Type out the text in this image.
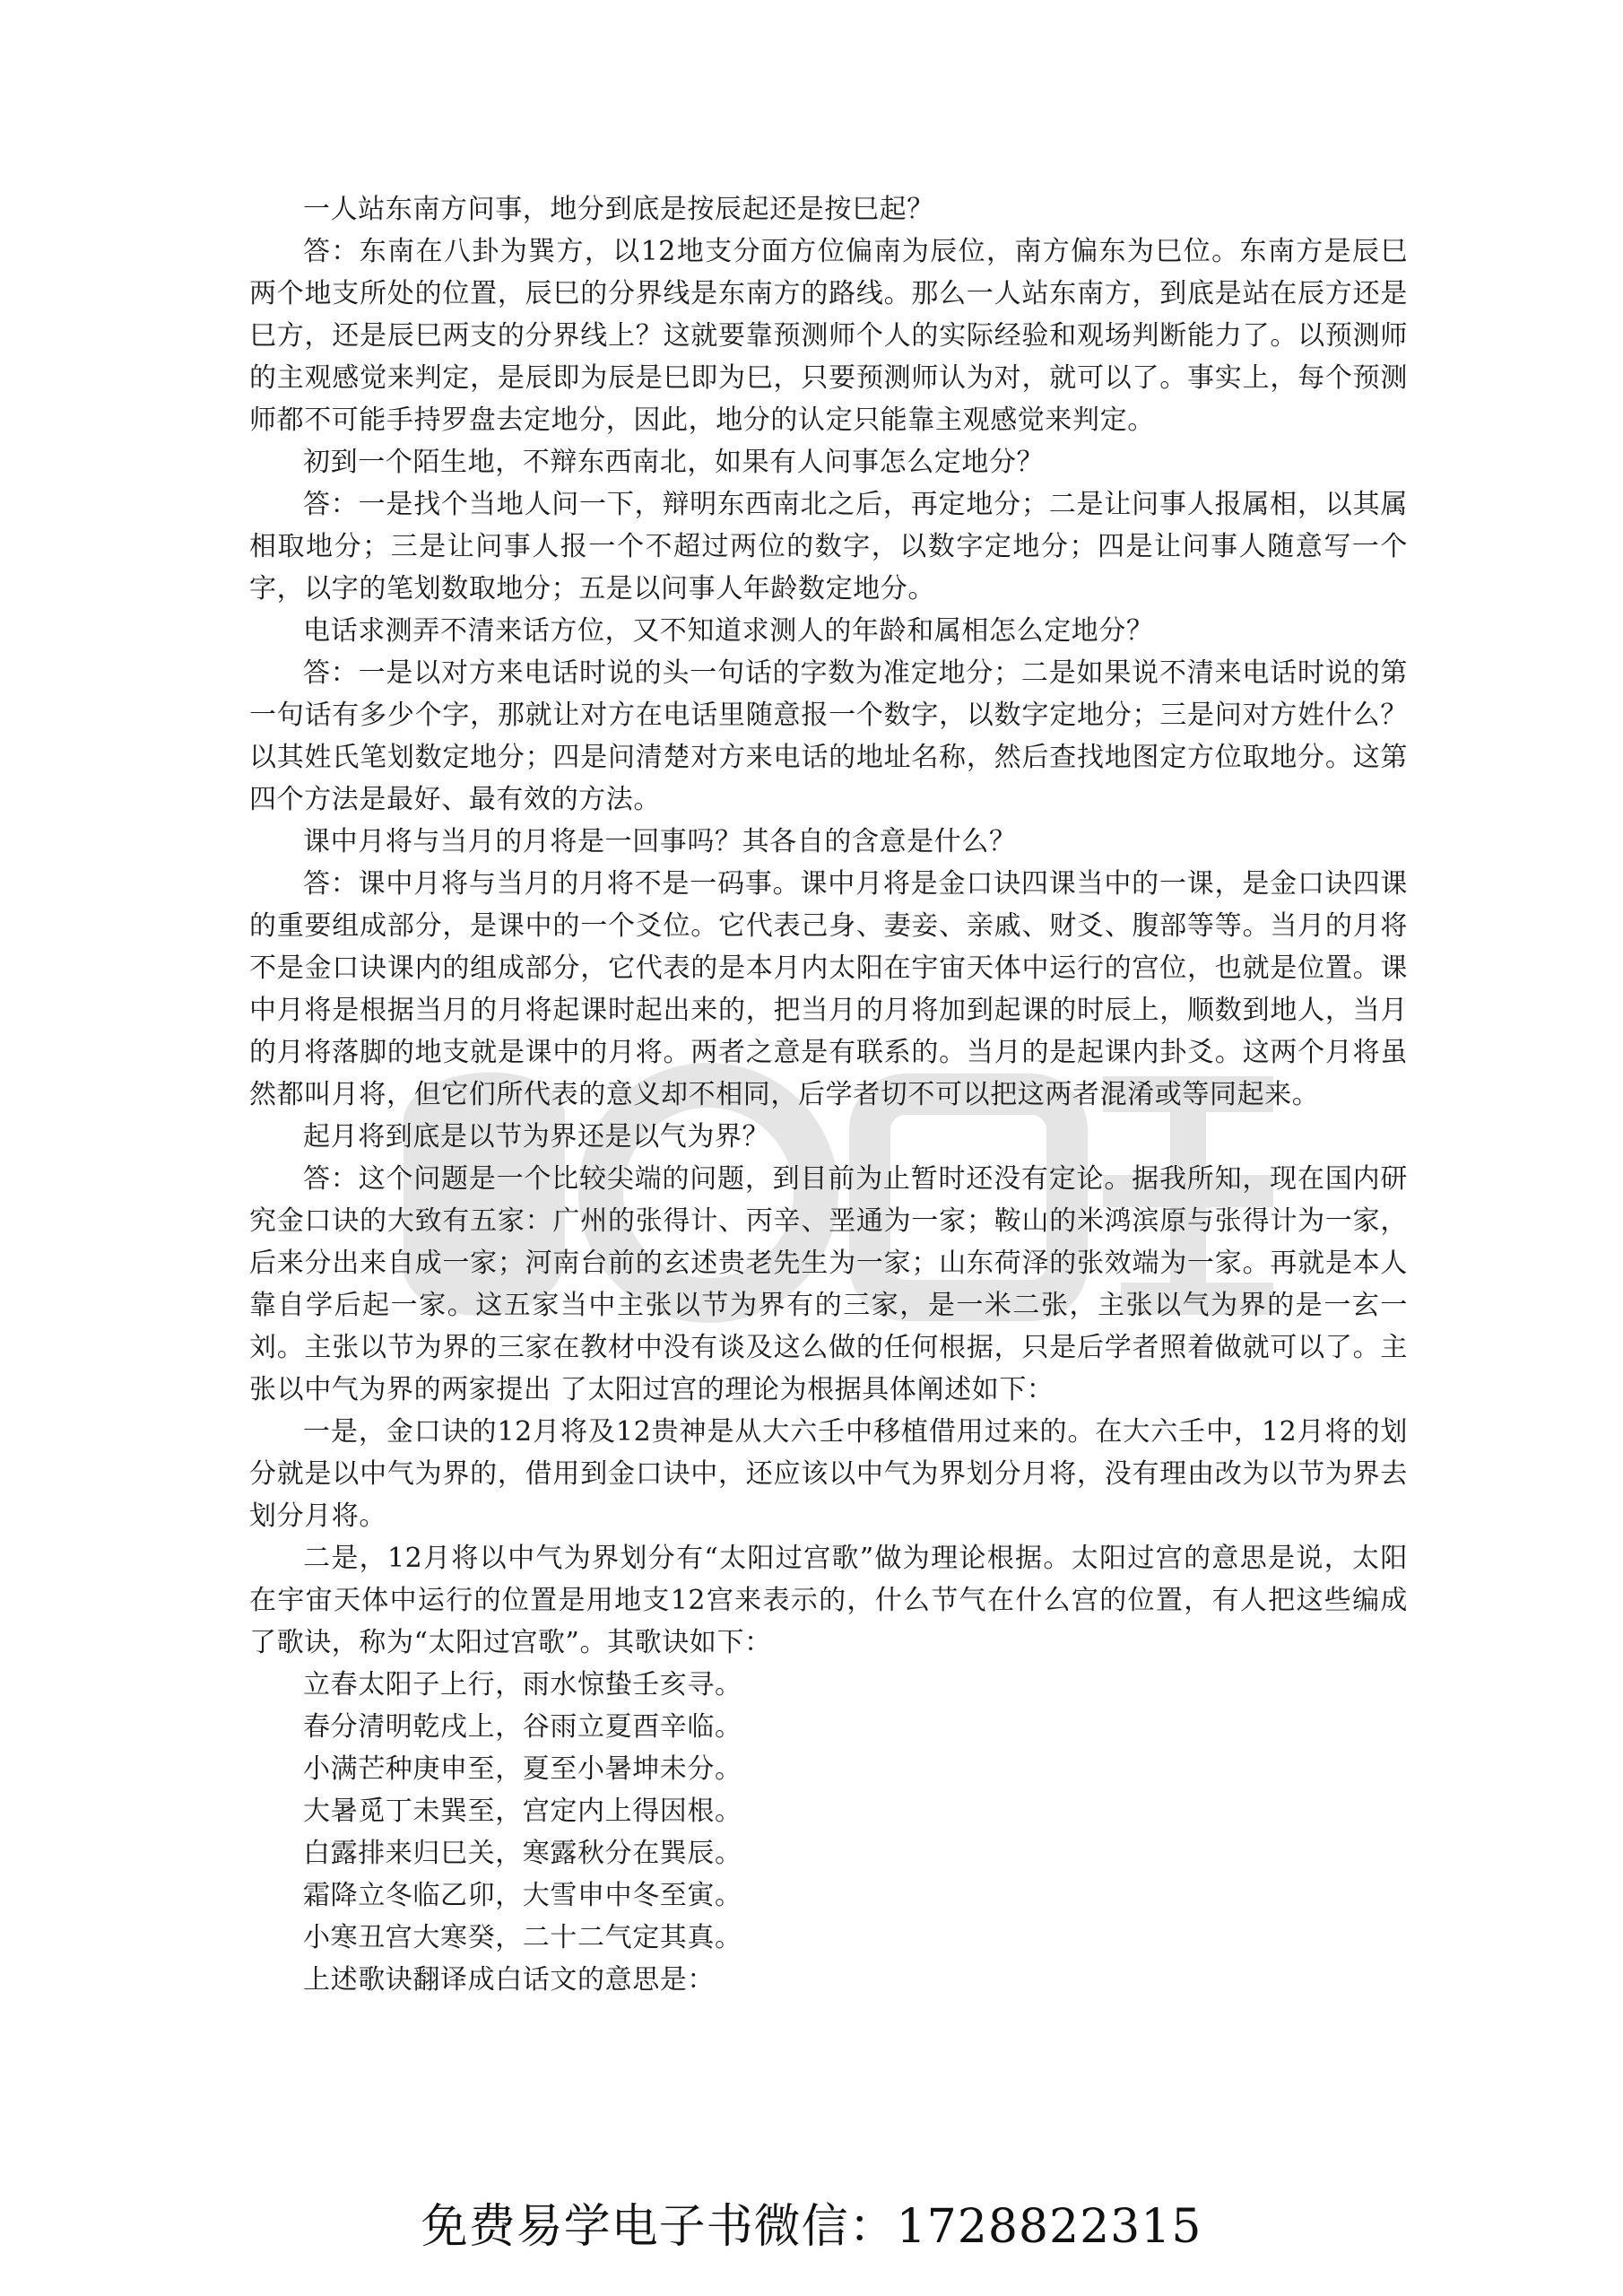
一人站东南方问事，地分到底是按辰起还是按巳起？

答：东南在八卦为巽方，以12地支分面方位偏南为辰位，南方偏东为巳位。东南方是辰巳两个地支所处的位置，辰巳的分界线是东南方的路线。那么一人站东南方，到底是站在辰方还是巳方，还是辰巳两支的分界线上？这就要靠预测师个人的实际经验和观场判断能力了。以预测师的主观感觉来判定，是辰即为辰是巳即为巳，只要预测师认为对，就可以了。事实上，每个预测师都不可能手持罗盘去定地分，因此，地分的认定只能靠主观感觉来判定。

初到一个陌生地，不辩东西南北，如果有人问事怎么定地分？

答：一是找个当地人问一下，辩明东西南北之后，再定地分；二是让问事人报属相，以其属相取地分；三是让问事人报一个不超过两位的数字，以数字定地分；四是让问事人随意写一个字，以字的笔划数取地分；五是以问事人年龄数定地分。

电话求测弄不清来话方位，又不知道求测人的年龄和属相怎么定地分？

答：一是以对方来电话时说的头一句话的字数为准定地分；二是如果说不清来电话时说的第一句话有多少个字，那就让对方在电话里随意报一个数字，以数字定地分；三是问对方姓什么？以其姓氏笔划数定地分；四是问清楚对方来电话的地址名称，然后查找地图定方位取地分。这第四个方法是最好、最有效的方法。

课中月将与当月的月将是一回事吗？其各自的含意是什么？

答：课中月将与当月的月将不是一码事。课中月将是金口诀四课当中的一课，是金口诀四课的重要组成部分，是课中的一个爻位。它代表己身、妻妾、亲戚、财爻、腹部等等。当月的月将不是金口诀课内的组成部分，它代表的是本月内太阳在宇宙天体中运行的宫位，也就是位置。课中月将是根据当月的月将起课时起出来的，把当月的月将加到起课的时辰上，顺数到地人，当月的月将落脚的地支就是课中的月将。两者之意是有联系的。当月的是起课内卦爻。这两个月将虽然都叫月将，但它们所代表的意义却不相同，后学者切不可以把这两者混淆或等同起来。

起月将到底是以节为界还是以气为界？

答：这个问题是一个比较尖端的问题，到目前为止暂时还没有定论。据我所知，现在国内研究金口诀的大致有五家：广州的张得计、丙辛、垩通为一家；鞍山的米鸿滨原与张得计为一家，后来分出来自成一家；河南台前的玄述贵老先生为一家；山东荷泽的张效端为一家。再就是本人靠自学后起一家。这五家当中主张以节为界有的三家，是一米二张，主张以气为界的是一玄一刘。主张以节为界的三家在教材中没有谈及这么做的任何根据，只是后学者照着做就可以了。主张以中气为界的两家提出 了太阳过宫的理论为根据具体阐述如下：

一是，金口诀的12月将及12贵神是从大六壬中移植借用过来的。在大六壬中，12月将的划分就是以中气为界的，借用到金口诀中，还应该以中气为界划分月将，没有理由改为以节为界去划分月将。

二是，12月将以中气为界划分有“太阳过宫歌”做为理论根据。太阳过宫的意思是说，太阳在宇宙天体中运行的位置是用地支12宫来表示的，什么节气在什么宫的位置，有人把这些编成了歌诀，称为“太阳过宫歌”。其歌诀如下：

立春太阳子上行，雨水惊蛰壬亥寻。

春分清明乾戌上，谷雨立夏酉辛临。

小满芒种庚申至，夏至小暑坤未分。

大暑觅丁未巽至，宫定内上得因根。

白露排来归巳关，寒露秋分在巽辰。

霜降立冬临乙卯，大雪申中冬至寅。

小寒丑宫大寒癸，二十二气定其真。

上述歌诀翻译成白话文的意思是：

免费易学电子书微信：1728822315
